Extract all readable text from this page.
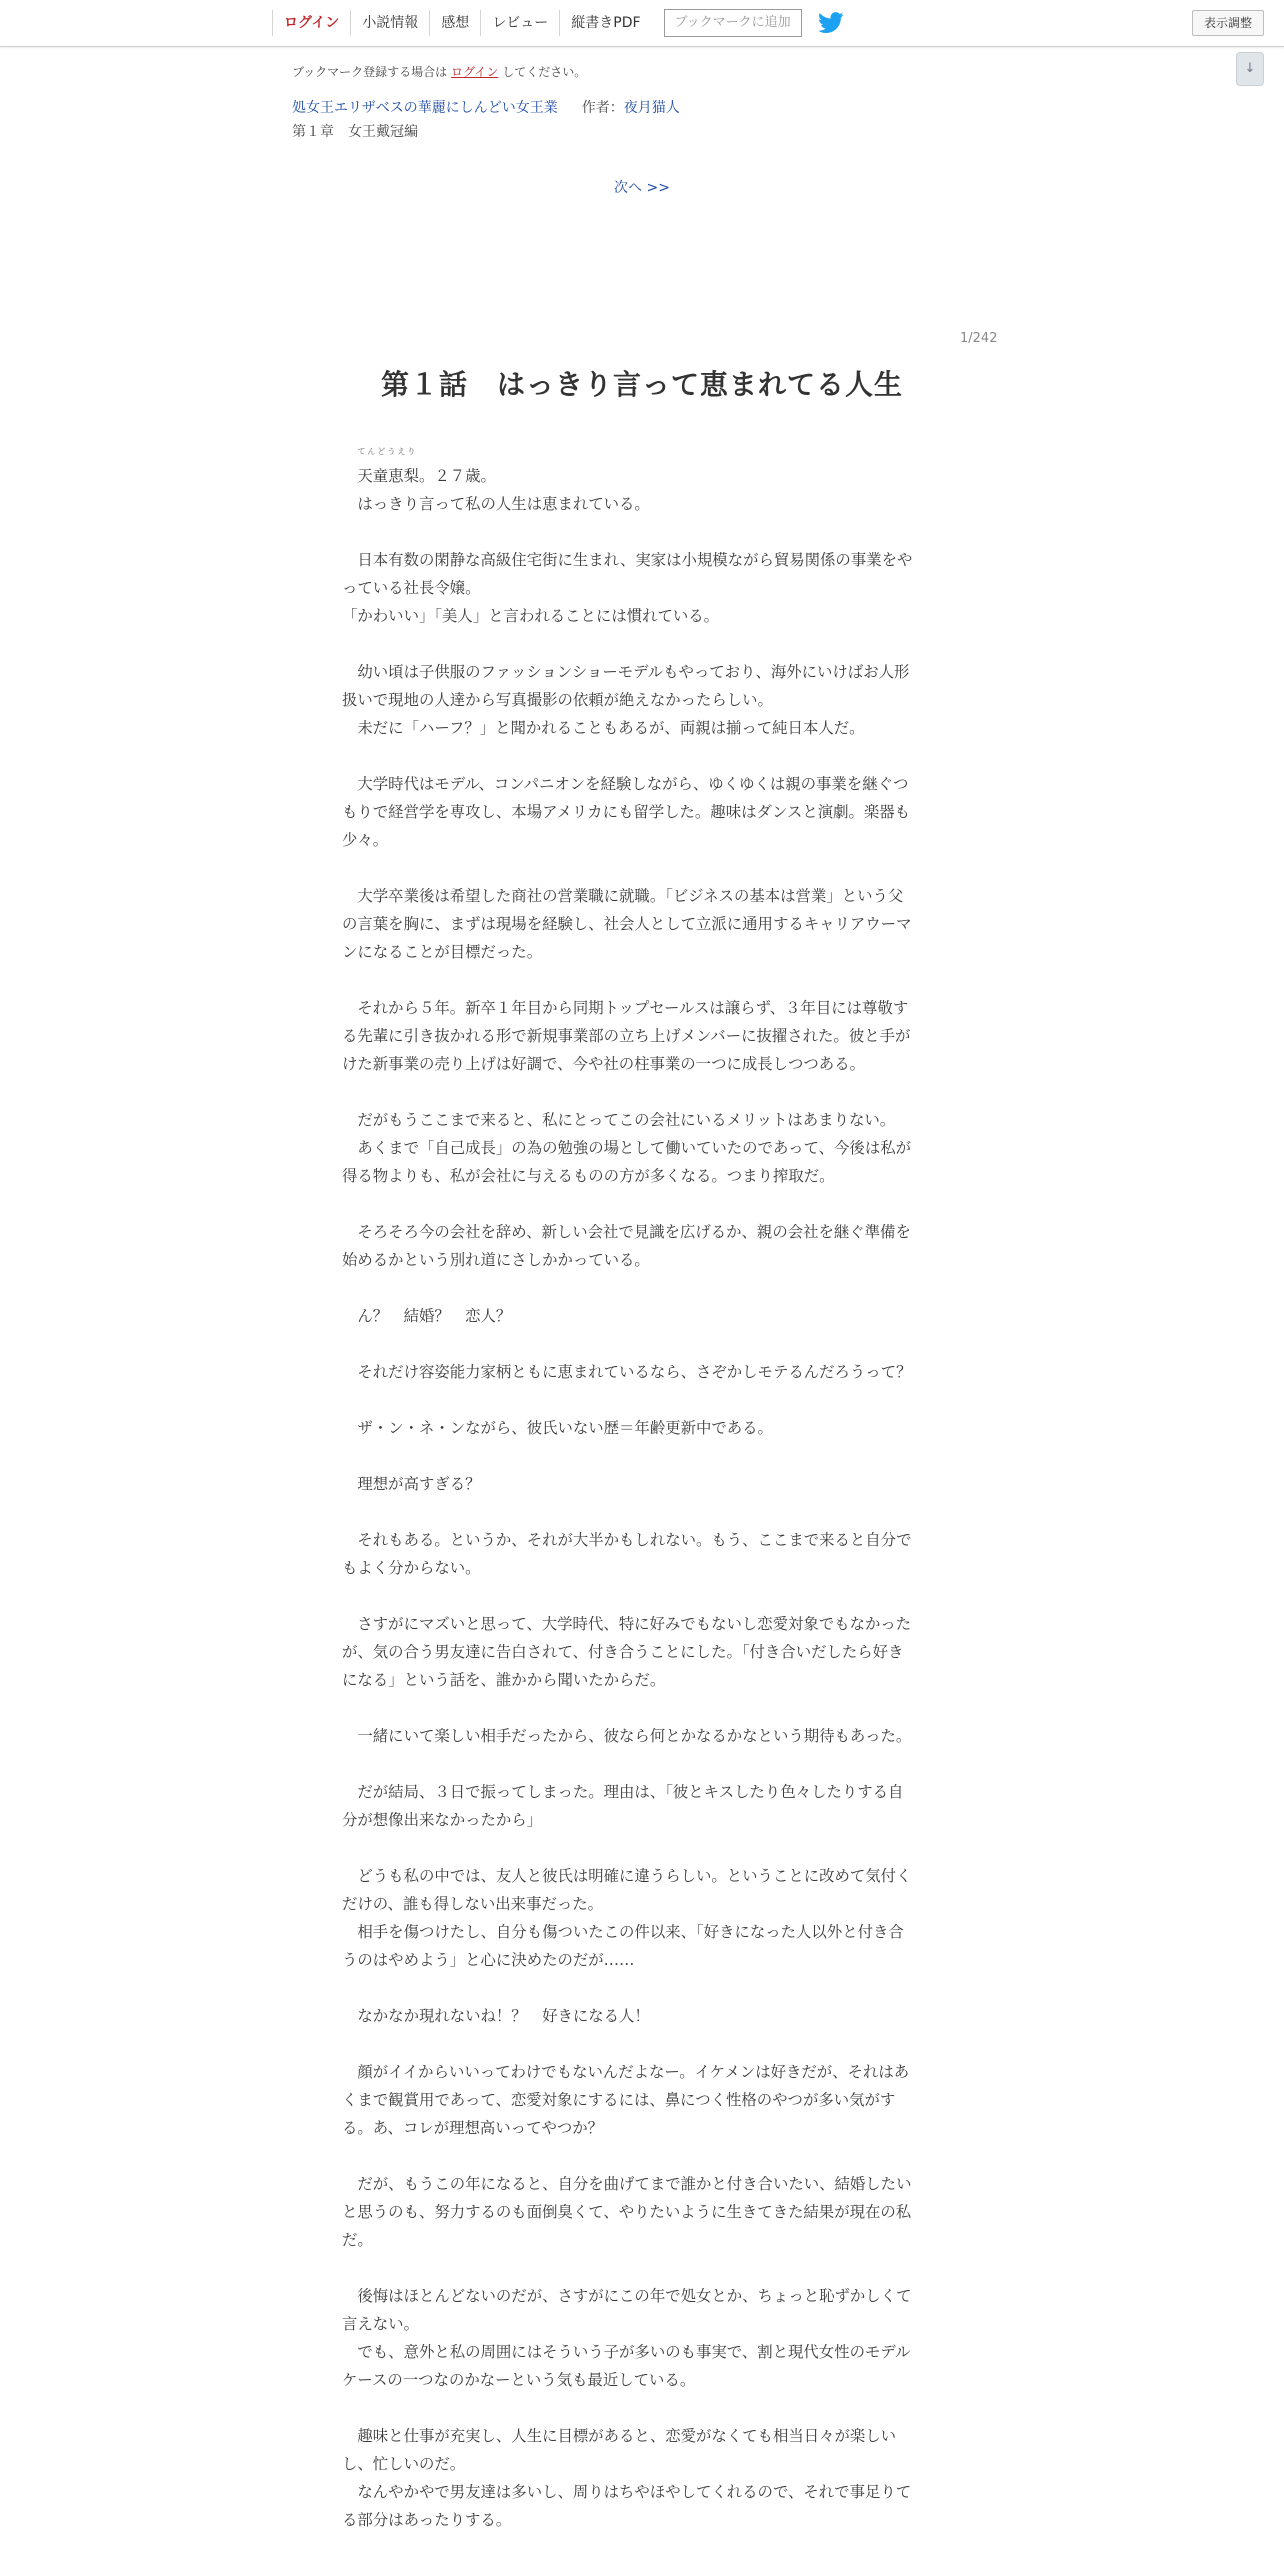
ログイン	小説情報	感想	レビュー	縦書きPDF	ブックマークに追加	表示調整
↓
ブックマーク登録する場合は ログイン してください。
処女王エリザベスの華麗にしんどい女王業 作者：夜月猫人
第１章　女王戴冠編
次へ >>
1/242
第１話　はっきり言って恵まれてる人生

てんどうえり
天童恵梨。２７歳。
　はっきり言って私の人生は恵まれている。
　日本有数の閑静な高級住宅街に生まれ、実家は小規模ながら貿易関係の事業をや
っている社長令嬢。
「かわいい」「美人」と言われることには慣れている。
　幼い頃は子供服のファッションショーモデルもやっており、海外にいけばお人形
扱いで現地の人達から写真撮影の依頼が絶えなかったらしい。
　未だに「ハーフ？」と聞かれることもあるが、両親は揃って純日本人だ。
　大学時代はモデル、コンパニオンを経験しながら、ゆくゆくは親の事業を継ぐつ
もりで経営学を専攻し、本場アメリカにも留学した。趣味はダンスと演劇。楽器も
少々。
　大学卒業後は希望した商社の営業職に就職。「ビジネスの基本は営業」という父
の言葉を胸に、まずは現場を経験し、社会人として立派に通用するキャリアウーマ
ンになることが目標だった。
　それから５年。新卒１年目から同期トップセールスは譲らず、３年目には尊敬す
る先輩に引き抜かれる形で新規事業部の立ち上げメンバーに抜擢された。彼と手が
けた新事業の売り上げは好調で、今や社の柱事業の一つに成長しつつある。
　だがもうここまで来ると、私にとってこの会社にいるメリットはあまりない。
　あくまで「自己成長」の為の勉強の場として働いていたのであって、今後は私が
得る物よりも、私が会社に与えるものの方が多くなる。つまり搾取だ。
　そろそろ今の会社を辞め、新しい会社で見識を広げるか、親の会社を継ぐ準備を
始めるかという別れ道にさしかかっている。
　ん？　結婚？　恋人？
　それだけ容姿能力家柄ともに恵まれているなら、さぞかしモテるんだろうって？
　ザ・ン・ネ・ンながら、彼氏いない歴＝年齢更新中である。
　理想が高すぎる？
　それもある。というか、それが大半かもしれない。もう、ここまで来ると自分で
もよく分からない。
　さすがにマズいと思って、大学時代、特に好みでもないし恋愛対象でもなかった
が、気の合う男友達に告白されて、付き合うことにした。「付き合いだしたら好き
になる」という話を、誰かから聞いたからだ。
　一緒にいて楽しい相手だったから、彼なら何とかなるかなという期待もあった。
　だが結局、３日で振ってしまった。理由は、「彼とキスしたり色々したりする自
分が想像出来なかったから」
　どうも私の中では、友人と彼氏は明確に違うらしい。ということに改めて気付く
だけの、誰も得しない出来事だった。
　相手を傷つけたし、自分も傷ついたこの件以来、「好きになった人以外と付き合
うのはやめよう」と心に決めたのだが……
　なかなか現れないね！？　好きになる人！
　顔がイイからいいってわけでもないんだよなー。イケメンは好きだが、それはあ
くまで観賞用であって、恋愛対象にするには、鼻につく性格のやつが多い気がす
る。あ、コレが理想高いってやつか？
　だが、もうこの年になると、自分を曲げてまで誰かと付き合いたい、結婚したい
と思うのも、努力するのも面倒臭くて、やりたいように生きてきた結果が現在の私
だ。
　後悔はほとんどないのだが、さすがにこの年で処女とか、ちょっと恥ずかしくて
言えない。
　でも、意外と私の周囲にはそういう子が多いのも事実で、割と現代女性のモデル
ケースの一つなのかなーという気も最近している。
　趣味と仕事が充実し、人生に目標があると、恋愛がなくても相当日々が楽しい
し、忙しいのだ。
　なんやかやで男友達は多いし、周りはちやほやしてくれるので、それで事足りて
る部分はあったりする。
